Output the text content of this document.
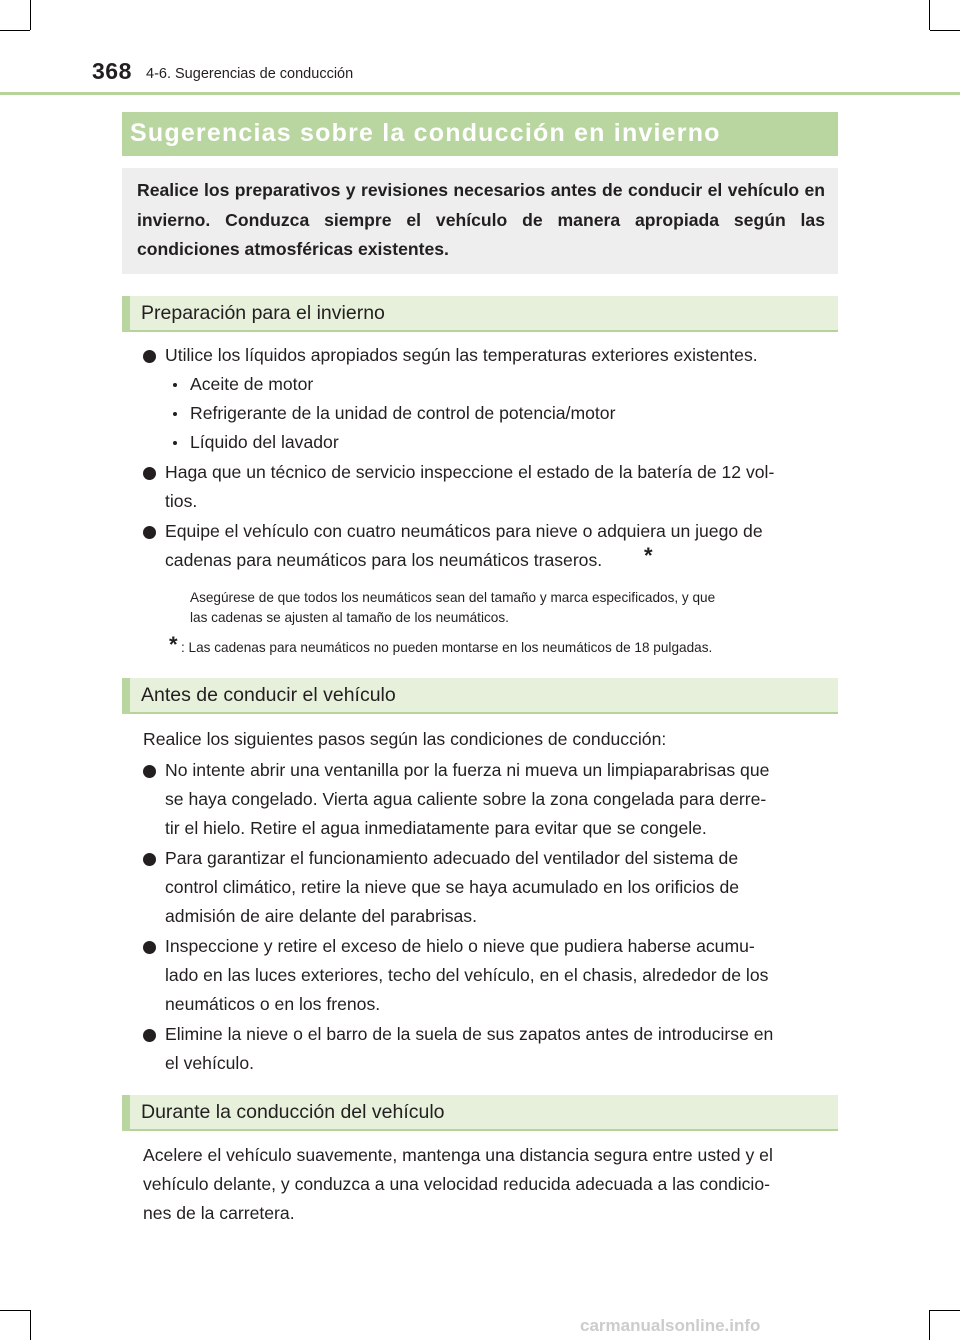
368 4-6. Sugerencias de conducción
Sugerencias sobre la conducción en invierno
Realice los preparativos y revisiones necesarios antes de conducir el vehículo en invierno. Conduzca siempre el vehículo de manera apropiada según las condiciones atmosféricas existentes.
Preparación para el invierno
Utilice los líquidos apropiados según las temperaturas exteriores existentes.
Aceite de motor
Refrigerante de la unidad de control de potencia/motor
Líquido del lavador
Haga que un técnico de servicio inspeccione el estado de la batería de 12 vol-
tios.
Equipe el vehículo con cuatro neumáticos para nieve o adquiera un juego de
cadenas para neumáticos para los neumáticos traseros. *
Asegúrese de que todos los neumáticos sean del tamaño y marca especificados, y que
las cadenas se ajusten al tamaño de los neumáticos.
* : Las cadenas para neumáticos no pueden montarse en los neumáticos de 18 pulgadas.
Antes de conducir el vehículo
Realice los siguientes pasos según las condiciones de conducción:
No intente abrir una ventanilla por la fuerza ni mueva un limpiaparabrisas que
se haya congelado. Vierta agua caliente sobre la zona congelada para derre-
tir el hielo. Retire el agua inmediatamente para evitar que se congele.
Para garantizar el funcionamiento adecuado del ventilador del sistema de
control climático, retire la nieve que se haya acumulado en los orificios de
admisión de aire delante del parabrisas.
Inspeccione y retire el exceso de hielo o nieve que pudiera haberse acumu-
lado en las luces exteriores, techo del vehículo, en el chasis, alrededor de los
neumáticos o en los frenos.
Elimine la nieve o el barro de la suela de sus zapatos antes de introducirse en
el vehículo.
Durante la conducción del vehículo
Acelere el vehículo suavemente, mantenga una distancia segura entre usted y el
vehículo delante, y conduzca a una velocidad reducida adecuada a las condicio-
nes de la carretera.
carmanualsonline.info
